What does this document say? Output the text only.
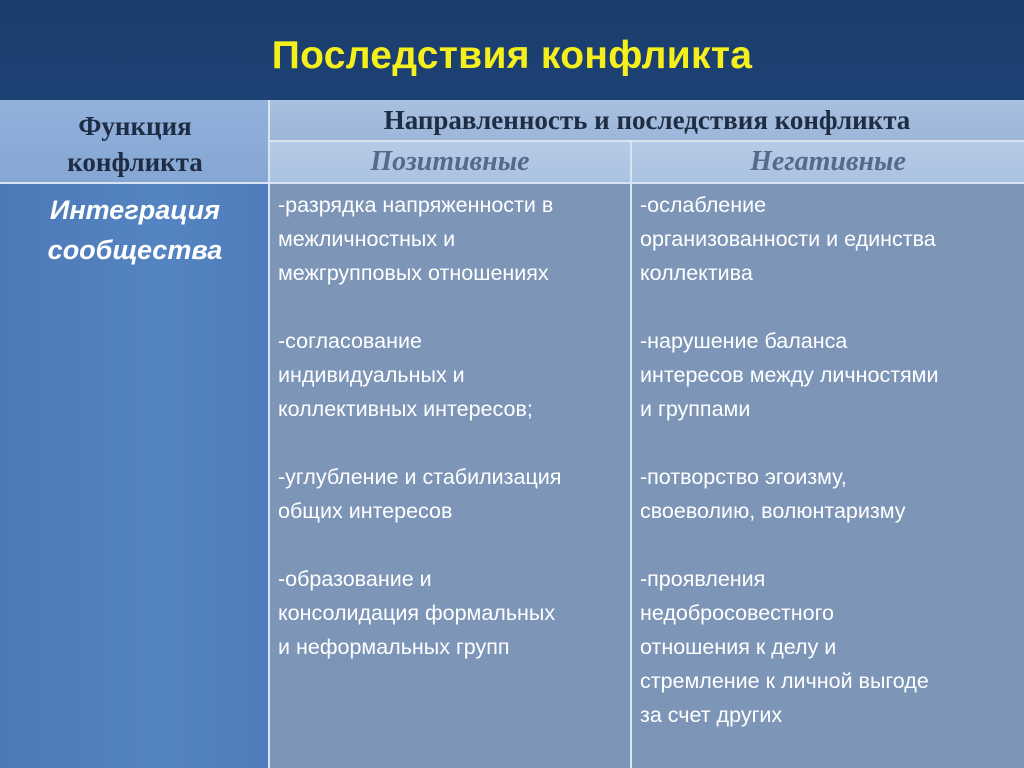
Последствия конфликта
Функция
конфликта
Направленность и последствия конфликта
Позитивные	Негативные
Интеграция
сообщества
-разрядка напряженности в
межличностных и
межгрупповых отношениях
-согласование
индивидуальных и
коллективных интересов;
-углубление и стабилизация
общих интересов
-образование и
консолидация формальных
и неформальных групп
-ослабление
организованности и единства
коллектива
-нарушение баланса
интересов между личностями
и группами
-потворство эгоизму,
своеволию, волюнтаризму
-проявления
недобросовестного
отношения к делу и
стремление к личной выгоде
за счет других
